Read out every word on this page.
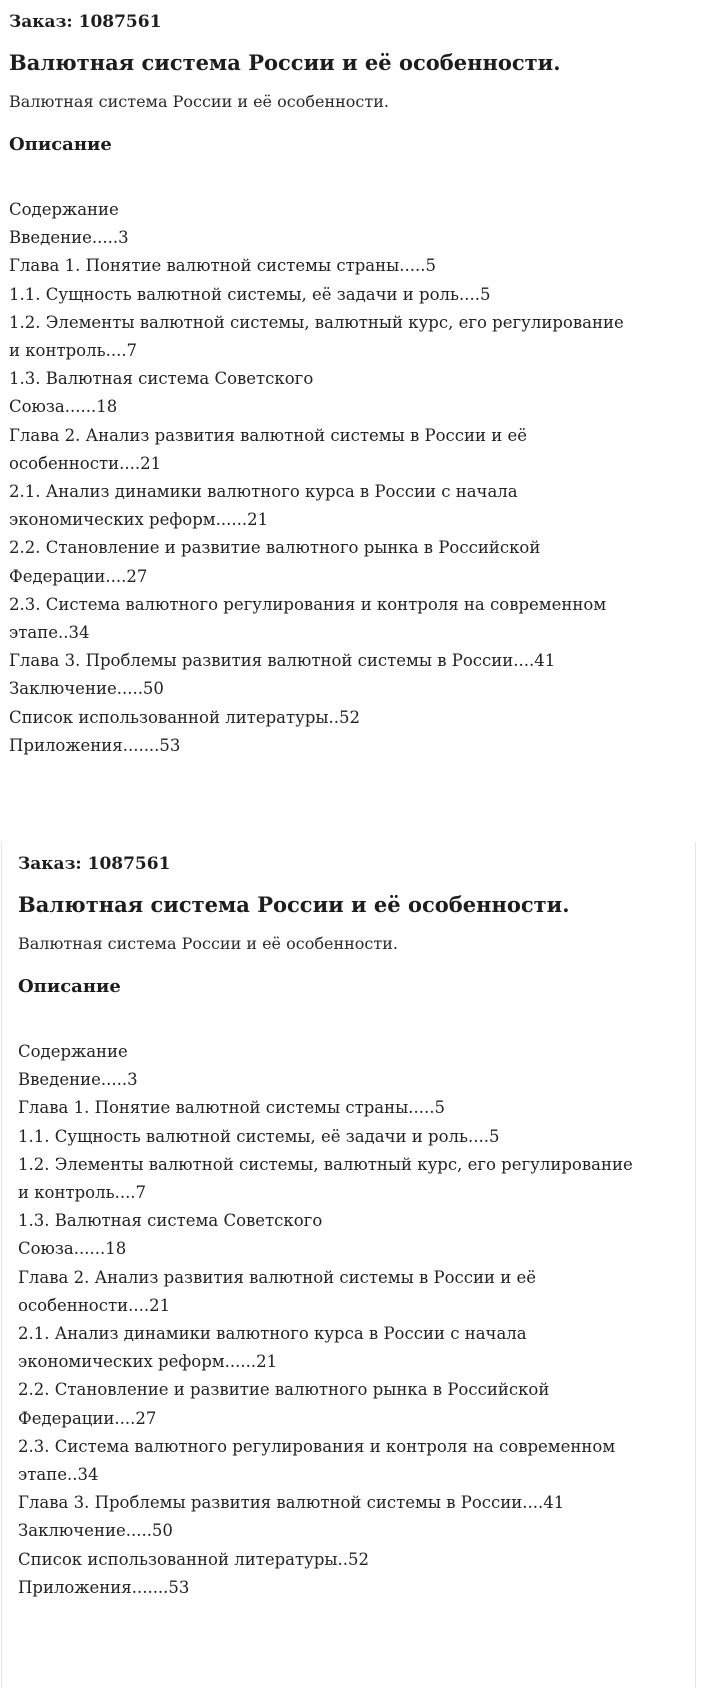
Заказ: 1087561
Валютная система России и её особенности.
Валютная система России и её особенности.
Описание
Содержание
Введение.....3
Глава 1. Понятие валютной системы страны.....5
1.1. Сущность валютной системы, её задачи и роль....5
1.2. Элементы валютной системы, валютный курс, его регулирование
и контроль....7
1.3. Валютная система Советского
Союза......18
Глава 2. Анализ развития валютной системы в России и её
особенности....21
2.1. Анализ динамики валютного курса в России с начала
экономических реформ......21
2.2. Становление и развитие валютного рынка в Российской
Федерации....27
2.3. Система валютного регулирования и контроля на современном
этапе..34
Глава 3. Проблемы развития валютной системы в России....41
Заключение.....50
Список использованной литературы..52
Приложения.......53
Заказ: 1087561
Валютная система России и её особенности.
Валютная система России и её особенности.
Описание
Содержание
Введение.....3
Глава 1. Понятие валютной системы страны.....5
1.1. Сущность валютной системы, её задачи и роль....5
1.2. Элементы валютной системы, валютный курс, его регулирование
и контроль....7
1.3. Валютная система Советского
Союза......18
Глава 2. Анализ развития валютной системы в России и её
особенности....21
2.1. Анализ динамики валютного курса в России с начала
экономических реформ......21
2.2. Становление и развитие валютного рынка в Российской
Федерации....27
2.3. Система валютного регулирования и контроля на современном
этапе..34
Глава 3. Проблемы развития валютной системы в России....41
Заключение.....50
Список использованной литературы..52
Приложения.......53
